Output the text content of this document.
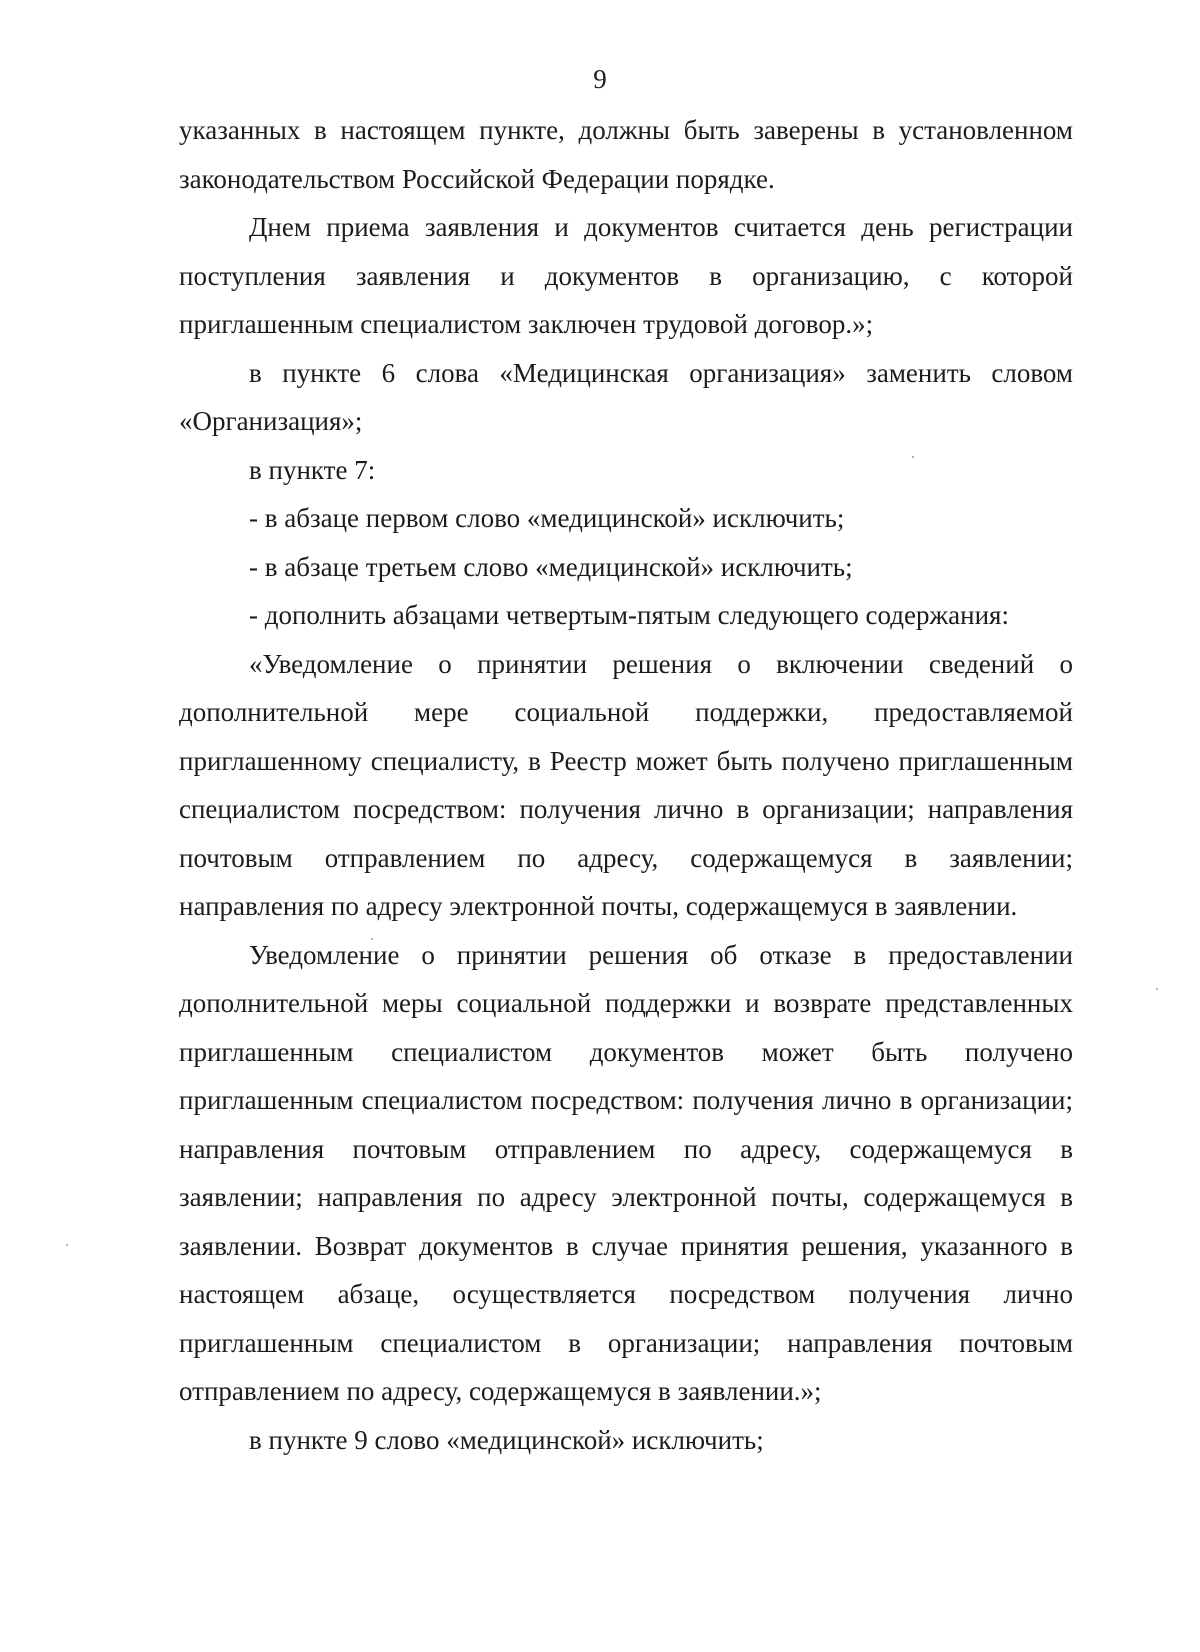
9

указанных в настоящем пункте, должны быть заверены в установленном законодательством Российской Федерации порядке.

Днем приема заявления и документов считается день регистрации поступления заявления и документов в организацию, с которой приглашенным специалистом заключен трудовой договор.»;

в пункте 6 слова «Медицинская организация» заменить словом «Организация»;

в пункте 7:

- в абзаце первом слово «медицинской» исключить;

- в абзаце третьем слово «медицинской» исключить;

- дополнить абзацами четвертым-пятым следующего содержания:

«Уведомление о принятии решения о включении сведений о дополнительной мере социальной поддержки, предоставляемой приглашенному специалисту, в Реестр может быть получено приглашенным специалистом посредством: получения лично в организации; направления почтовым отправлением по адресу, содержащемуся в заявлении; направления по адресу электронной почты, содержащемуся в заявлении.

Уведомление о принятии решения об отказе в предоставлении дополнительной меры социальной поддержки и возврате представленных приглашенным специалистом документов может быть получено приглашенным специалистом посредством: получения лично в организации; направления почтовым отправлением по адресу, содержащемуся в заявлении; направления по адресу электронной почты, содержащемуся в заявлении. Возврат документов в случае принятия решения, указанного в настоящем абзаце, осуществляется посредством получения лично приглашенным специалистом в организации; направления почтовым отправлением по адресу, содержащемуся в заявлении.»;

в пункте 9 слово «медицинской» исключить;
